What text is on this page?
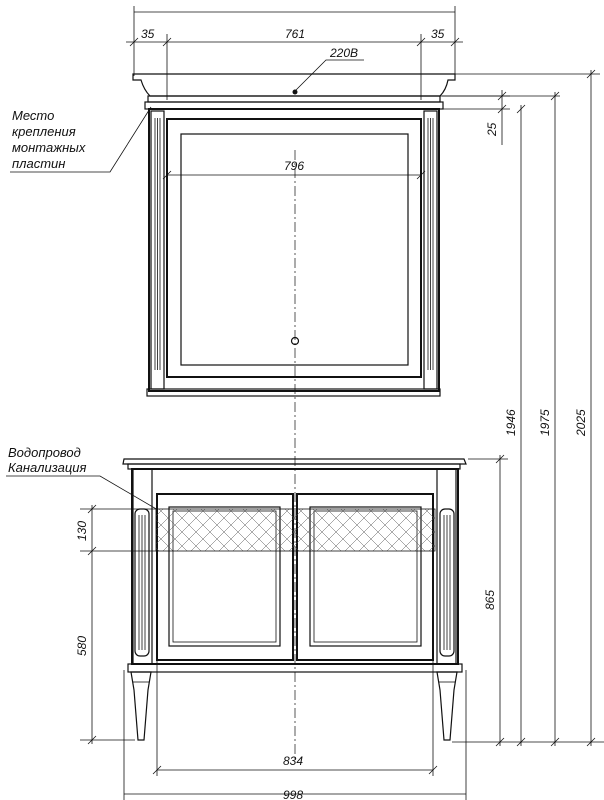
35	761	35
220В
796
25
Место
крепления
монтажных
пластин
Водопровод
Канализация
130
580
865
1946 1975 2025
834
998
